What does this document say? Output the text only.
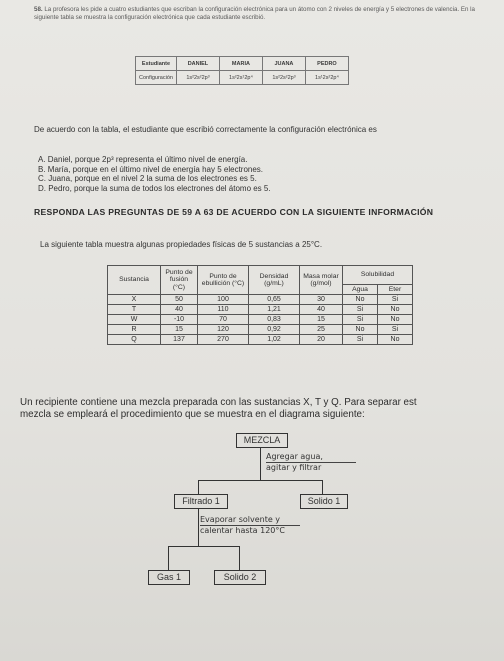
58. La profesora les pide a cuatro estudiantes que escriban la configuración electrónica para un átomo con 2 niveles de energía y 5 electrones de valencia. En la siguiente tabla se muestra la configuración electrónica que cada estudiante escribió.
Estudiante	DANIEL	MARIA	JUANA	PEDRO
Configuración	1s²2s²2p³	1s²2s¹2p⁴	1s²2s²2p³	1s¹2s²2p⁴
De acuerdo con la tabla, el estudiante que escribió correctamente la configuración electrónica es
A. Daniel, porque 2p³ representa el último nivel de energía.
B. María, porque en el último nivel de energía hay 5 electrones.
C. Juana, porque en el nivel 2 la suma de los electrones es 5.
D. Pedro, porque la suma de todos los electrones del átomo es 5.
RESPONDA LAS PREGUNTAS DE 59 A 63 DE ACUERDO CON LA SIGUIENTE INFORMACIÓN
La siguiente tabla muestra algunas propiedades físicas de 5 sustancias a 25°C.
Sustancia	Punto de fusión (°C)	Punto de ebullición (°C)	Densidad (g/mL)	Masa molar (g/mol)	Solubilidad	
					Agua	Eter
X	50	100	0,65	30	No	Si
T	40	110	1,21	40	Si	No
W	-10	70	0,83	15	Si	No
R	15	120	0,92	25	No	Si
Q	137	270	1,02	20	Si	No
Un recipiente contiene una mezcla preparada con las sustancias X, T y Q. Para separar est
mezcla se empleará el procedimiento que se muestra en el diagrama siguiente:
MEZCLA
Agregar agua,
agitar y filtrar
Filtrado 1	Solido 1
Evaporar solvente y
calentar hasta 120°C
Gas 1	Solido 2
